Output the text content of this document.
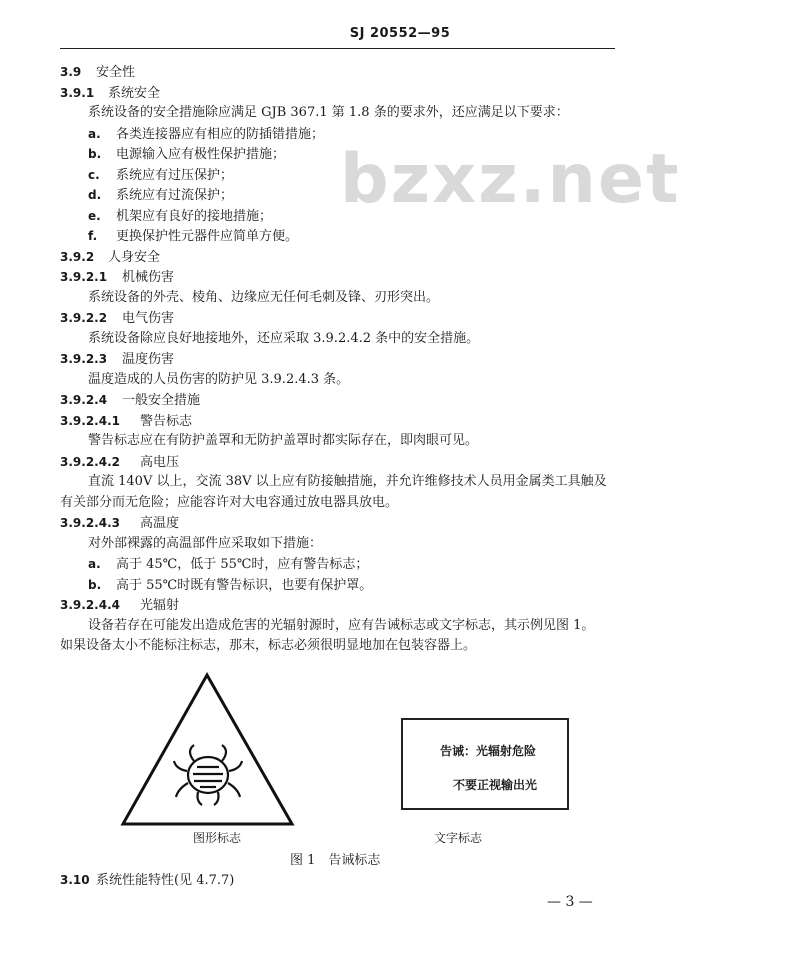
SJ 20552—95
bzxz.net
3.9 安全性
3.9.1 系统安全
系统设备的安全措施除应满足 GJB 367.1 第 1.8 条的要求外，还应满足以下要求：
a. 各类连接器应有相应的防插错措施；
b. 电源输入应有极性保护措施；
c. 系统应有过压保护；
d. 系统应有过流保护；
e. 机架应有良好的接地措施；
f. 更换保护性元器件应简单方便。
3.9.2 人身安全
3.9.2.1 机械伤害
系统设备的外壳、棱角、边缘应无任何毛刺及锋、刃形突出。
3.9.2.2 电气伤害
系统设备除应良好地接地外，还应采取 3.9.2.4.2 条中的安全措施。
3.9.2.3 温度伤害
温度造成的人员伤害的防护见 3.9.2.4.3 条。
3.9.2.4 一般安全措施
3.9.2.4.1 警告标志
警告标志应在有防护盖罩和无防护盖罩时都实际存在，即肉眼可见。
3.9.2.4.2 高电压
直流 140V 以上，交流 38V 以上应有防接触措施，并允许维修技术人员用金属类工具触及
有关部分而无危险；应能容许对大电容通过放电器具放电。
3.9.2.4.3 高温度
对外部裸露的高温部件应采取如下措施：
a. 高于 45℃，低于 55℃时，应有警告标志；
b. 高于 55℃时既有警告标识，也要有保护罩。
3.9.2.4.4 光辐射
设备若存在可能发出造成危害的光辐射源时，应有告诫标志或文字标志，其示例见图 1。
如果设备太小不能标注标志，那末，标志必须很明显地加在包装容器上。
告诫：光辐射危险
不要正视输出光
图形标志	文字标志
图 1　告诫标志
3.10 系统性能特性(见 4.7.7)
— 3 —
